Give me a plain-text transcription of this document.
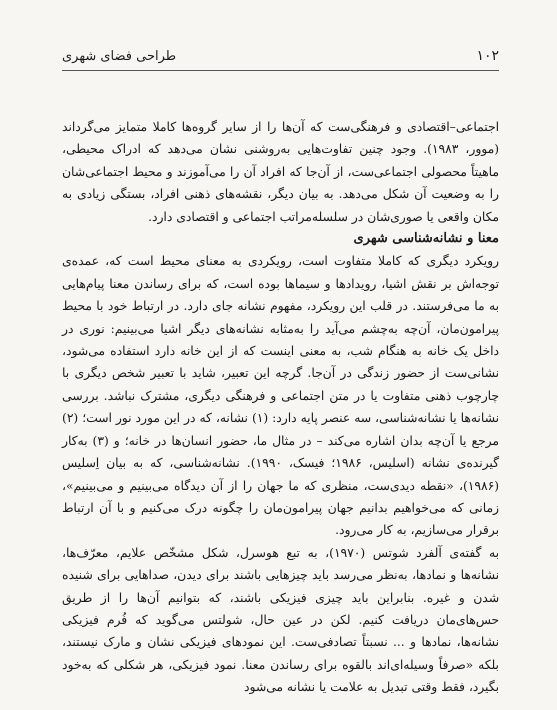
۱۰۲
طراحی فضای شهری

اجتماعی–اقتصادی و فرهنگی‌ست که آن‌ها را از سایر گروه‌ها کاملا متمایز می‌گرداند (موور، ۱۹۸۳). وجود چنین تفاوت‌هایی به‌روشنی نشان می‌دهد که ادراک محیطی، ماهیتاً محصولی اجتماعی‌ست، از آن‌جا که افراد آن را می‌آموزند و محیط اجتماعی‌شان را به وضعیت آن شکل می‌دهد. به بیان دیگر، نقشه‌های ذهنی افراد، بستگی زیادی به مکان واقعی یا صوری‌شان در سلسله‌مراتب اجتماعی و اقتصادی دارد.

معنا و نشانه‌شناسی شهری

رویکرد دیگری که کاملا متفاوت است، رویکردی به معنای محیط است که، عمده‌ی توجه‌اش بر نقش اشیا، رویدادها و سیماها بوده است، که برای رساندن معنا پیام‌هایی به ما می‌فرستند. در قلب این رویکرد، مفهوم نشانه جای دارد. در ارتباط خود با محیط پیرامون‌مان، آن‌چه به‌چشم می‌آید را به‌مثابه نشانه‌های دیگر اشیا می‌بینیم: نوری در داخل یک خانه به هنگام شب، به معنی اینست که از این خانه دارد استفاده می‌شود، نشانی‌ست از حضور زندگی در آن‌جا. گرچه این تعبیر، شاید با تعبیر شخص دیگری با چارچوب ذهنی متفاوت یا در متن اجتماعی و فرهنگی دیگری، مشترک نباشد. بررسی نشانه‌ها یا نشانه‌شناسی، سه عنصر پایه دارد: (۱) نشانه، که در این مورد نور است؛ (۲) مرجع یا آن‌چه بدان اشاره می‌کند – در مثال ما، حضور انسان‌ها در خانه؛ و (۳) به‌کار گیرنده‌ی نشانه (اسلیس، ۱۹۸۶؛ فیسک، ۱۹۹۰). نشانه‌شناسی، که به بیان اِسلیس (۱۹۸۶)، «نقطه دیدی‌ست، منظری که ما جهان را از آن دیدگاه می‌بینیم و می‌بینیم»، زمانی که می‌خواهیم بدانیم جهان پیرامون‌مان را چگونه درک می‌کنیم و با آن ارتباط برقرار می‌سازیم، به کار می‌رود.

به گفته‌ی آلفرد شوتس (۱۹۷۰)، به تبع هوسرل، شکل مشخّص علایم، معرّف‌ها، نشانه‌ها و نمادها، به‌نظر می‌رسد باید چیزهایی باشند برای دیدن، صداهایی برای شنیده شدن و غیره. بنابراین باید چیزی فیزیکی باشند، که بتوانیم آن‌ها را از طریق حس‌های‌مان دریافت کنیم. لکن در عین حال، شولتس می‌گوید که فُرم فیزیکی نشانه‌ها، نمادها و ... نسبتاً تصادفی‌ست. این نمودهای فیزیکی نشان و مارک نیستند، بلکه «صرفاً وسیله‌ای‌اند بالقوه برای رساندن معنا. نمود فیزیکی، هر شکلی که به‌خود بگیرد، فقط وقتی تبدیل به علامت یا نشانه می‌شود
